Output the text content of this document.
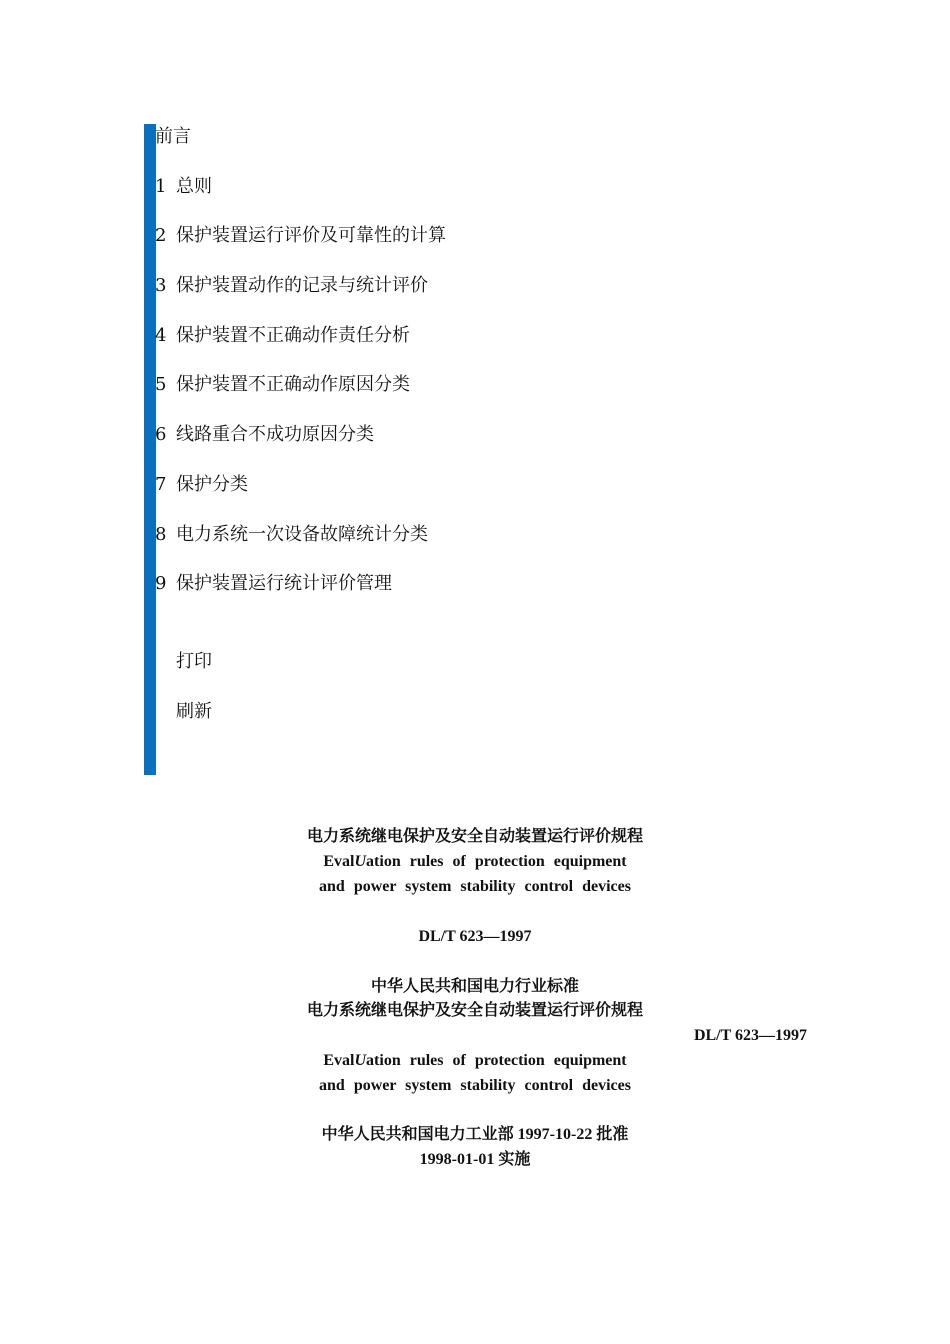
前言
1 总则
2 保护装置运行评价及可靠性的计算
3 保护装置动作的记录与统计评价
4 保护装置不正确动作责任分析
5 保护装置不正确动作原因分类
6 线路重合不成功原因分类
7 保护分类
8 电力系统一次设备故障统计分类
9 保护装置运行统计评价管理
打印
刷新
电力系统继电保护及安全自动装置运行评价规程
EvalUation rules of protection equipment
and power system stability control devices
DL/T 623—1997
中华人民共和国电力行业标准
电力系统继电保护及安全自动装置运行评价规程
DL/T 623—1997
EvalUation rules of protection equipment
and power system stability control devices
中华人民共和国电力工业部 1997-10-22 批准
1998-01-01 实施
